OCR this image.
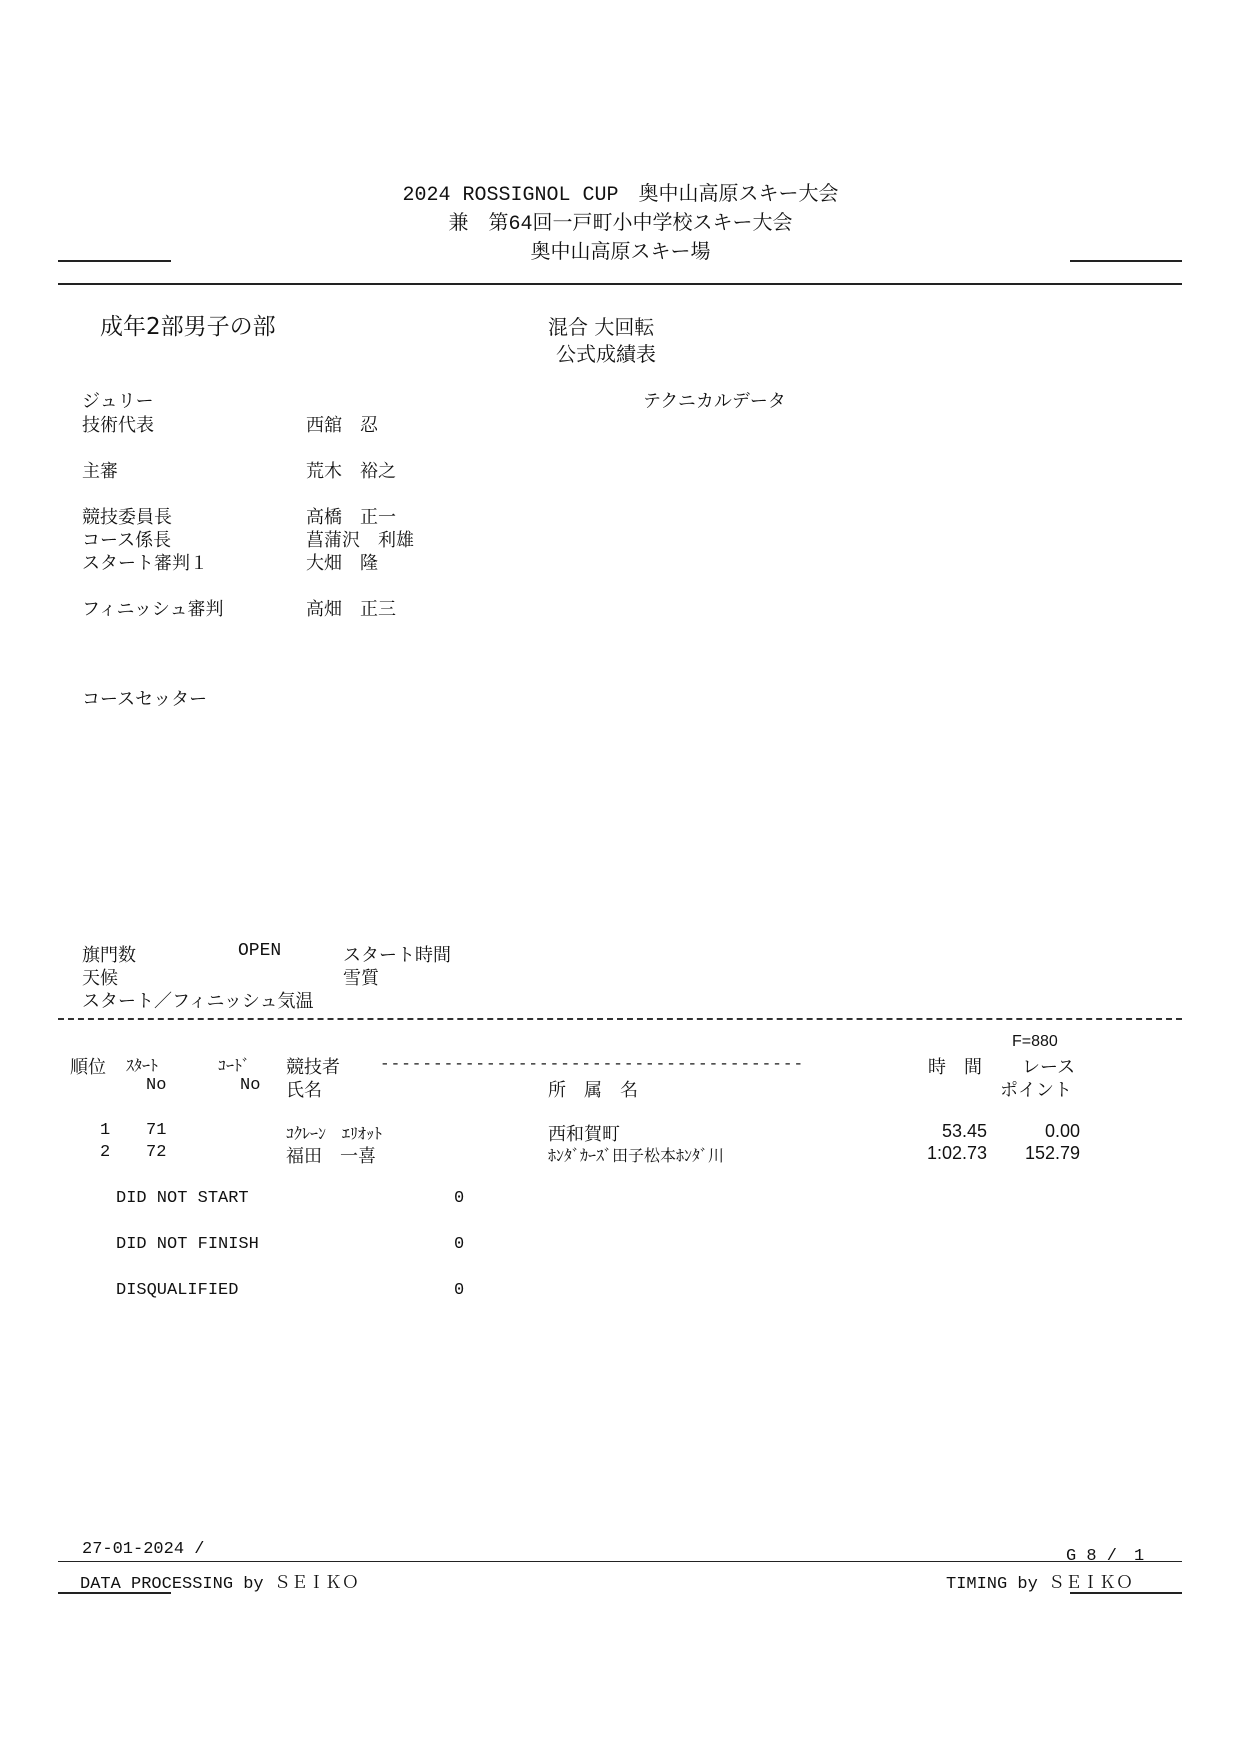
2024 ROSSIGNOL CUP　奥中山高原スキー大会
兼　第64回一戸町小中学校スキー大会
奥中山高原スキー場
成年2部男子の部	混合 大回転
公式成績表
ジュリー	テクニカルデータ
技術代表	西舘　忍
主審	荒木　裕之
競技委員長	高橋　正一
コース係長	菖蒲沢　利雄
スタート審判１	大畑　隆
フィニッシュ審判	高畑　正三
コースセッター
旗門数	OPEN	スタート時間
天候	雪質
スタート／フィニッシュ気温
F=880
順位 ｽﾀｰﾄ
No
ｺｰﾄﾞ
No
競技者	----------------------------------------
氏名	所　属　名
時　間 レース
ポイント
1 71	ｺｸﾚｰﾝ　ｴﾘｵｯﾄ	西和賀町	53.45	0.00
2 72	福田　一喜	ﾎﾝﾀﾞｶｰｽﾞ田子松本ﾎﾝﾀﾞ川	1:02.73	152.79
DID NOT START	0
DID NOT FINISH	0
DISQUALIFIED	0
27-01-2024 /	G 8 /　1
DATA PROCESSING by ＳＥＩＫＯ	TIMING by ＳＥＩＫＯ
